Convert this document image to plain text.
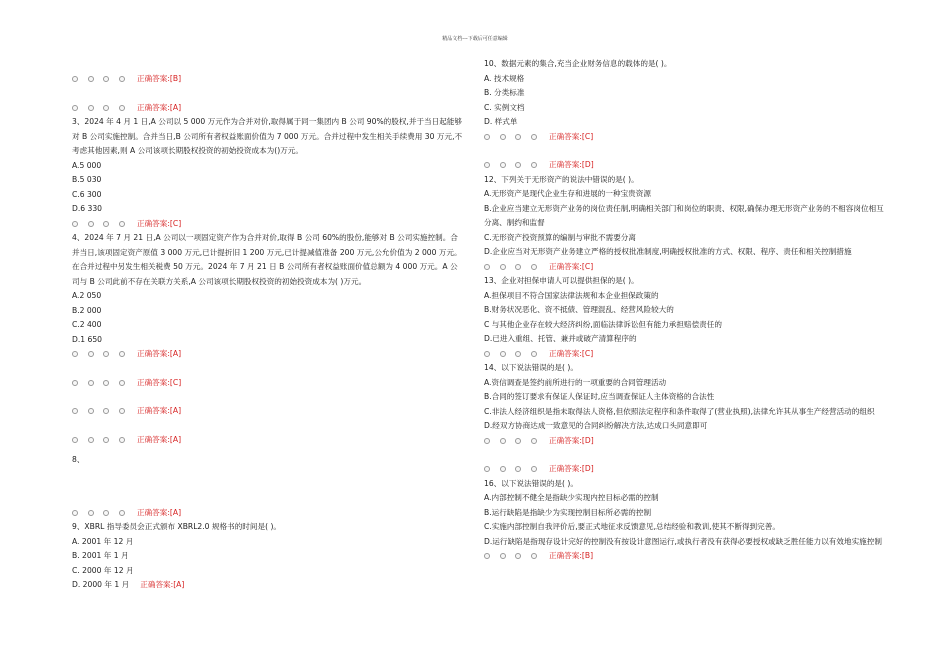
精品文档---下载后可任意编辑
正确答案:[B]
正确答案:[A]
3、2024 年 4 月 1 日,A 公司以 5 000 万元作为合并对价,取得属于同一集团内 B 公司 90%的股权,并于当日起能够对 B 公司实施控制。合并当日,B 公司所有者权益账面价值为 7 000 万元。合并过程中发生相关手续费用 30 万元,不考虑其他因素,则 A 公司该项长期股权投资的初始投资成本为()万元。
A.5 000
B.5 030
C.6 300
D.6 330
正确答案:[C]
4、2024 年 7 月 21 日,A 公司以一项固定资产作为合并对价,取得 B 公司 60%的股份,能够对 B 公司实施控制。合并当日,该项固定资产原值 3 000 万元,已计提折旧 1 200 万元,已计提减值准备 200 万元,公允价值为 2 000 万元。在合并过程中另发生相关税费 50 万元。2024 年 7 月 21 日 B 公司所有者权益账面价值总额为 4 000 万元。A 公司与 B 公司此前不存在关联方关系,A 公司该项长期股权投资的初始投资成本为( )万元。
A.2 050
B.2 000
C.2 400
D.1 650
正确答案:[A]
正确答案:[C]
正确答案:[A]
正确答案:[A]
8、
正确答案:[A]
9、XBRL 指导委员会正式颁布 XBRL2.0 规格书的时间是( )。
A. 2001 年 12 月
B. 2001 年 1 月
C. 2000 年 12 月
D. 2000 年 1 月 正确答案:[A]
10、数据元素的集合,充当企业财务信息的载体的是( )。
A. 技术规格
B. 分类标准
C. 实例文档
D. 样式单
正确答案:[C]
正确答案:[D]
12、下列关于无形资产的说法中错误的是( )。
A.无形资产是现代企业生存和进展的一种宝贵资源
B.企业应当建立无形资产业务的岗位责任制,明确相关部门和岗位的职责、权限,确保办理无形资产业务的不相容岗位相互分离、制约和监督
C.无形资产投资预算的编制与审批不需要分离
D.企业应当对无形资产业务建立严格的授权批准制度,明确授权批准的方式、权限、程序、责任和相关控制措施
正确答案:[C]
13、企业对担保申请人可以提供担保的是( )。
A.担保项目不符合国家法律法规和本企业担保政策的
B.财务状况恶化、资不抵债、管理混乱、经营风险较大的
C 与其他企业存在较大经济纠纷,面临法律诉讼但有能力承担赔偿责任的
D.已进入重组、托管、兼并或破产清算程序的
正确答案:[C]
14、以下说法错误的是( )。
A.资信调查是签约前所进行的一项重要的合同管理活动
B.合同的签订要求有保证人保证时,应当调查保证人主体资格的合法性
C.非法人经济组织是指未取得法人资格,但依照法定程序和条件取得了(营业执照),法律允许其从事生产经营活动的组织
D.经双方协商达成一致意见的合同纠纷解决方法,达成口头同意即可
正确答案:[D]
正确答案:[D]
16、以下说法错误的是( )。
A.内部控制不健全是指缺少实现内控目标必需的控制
B.运行缺陷是指缺少为实现控制目标所必需的控制
C.实施内部控制自我评价后,要正式地征求反馈意见,总结经验和教训,使其不断得到完善。
D.运行缺陷是指现存设计完好的控制没有按设计意图运行,或执行者没有获得必要授权或缺乏胜任能力以有效地实施控制
正确答案:[B]
